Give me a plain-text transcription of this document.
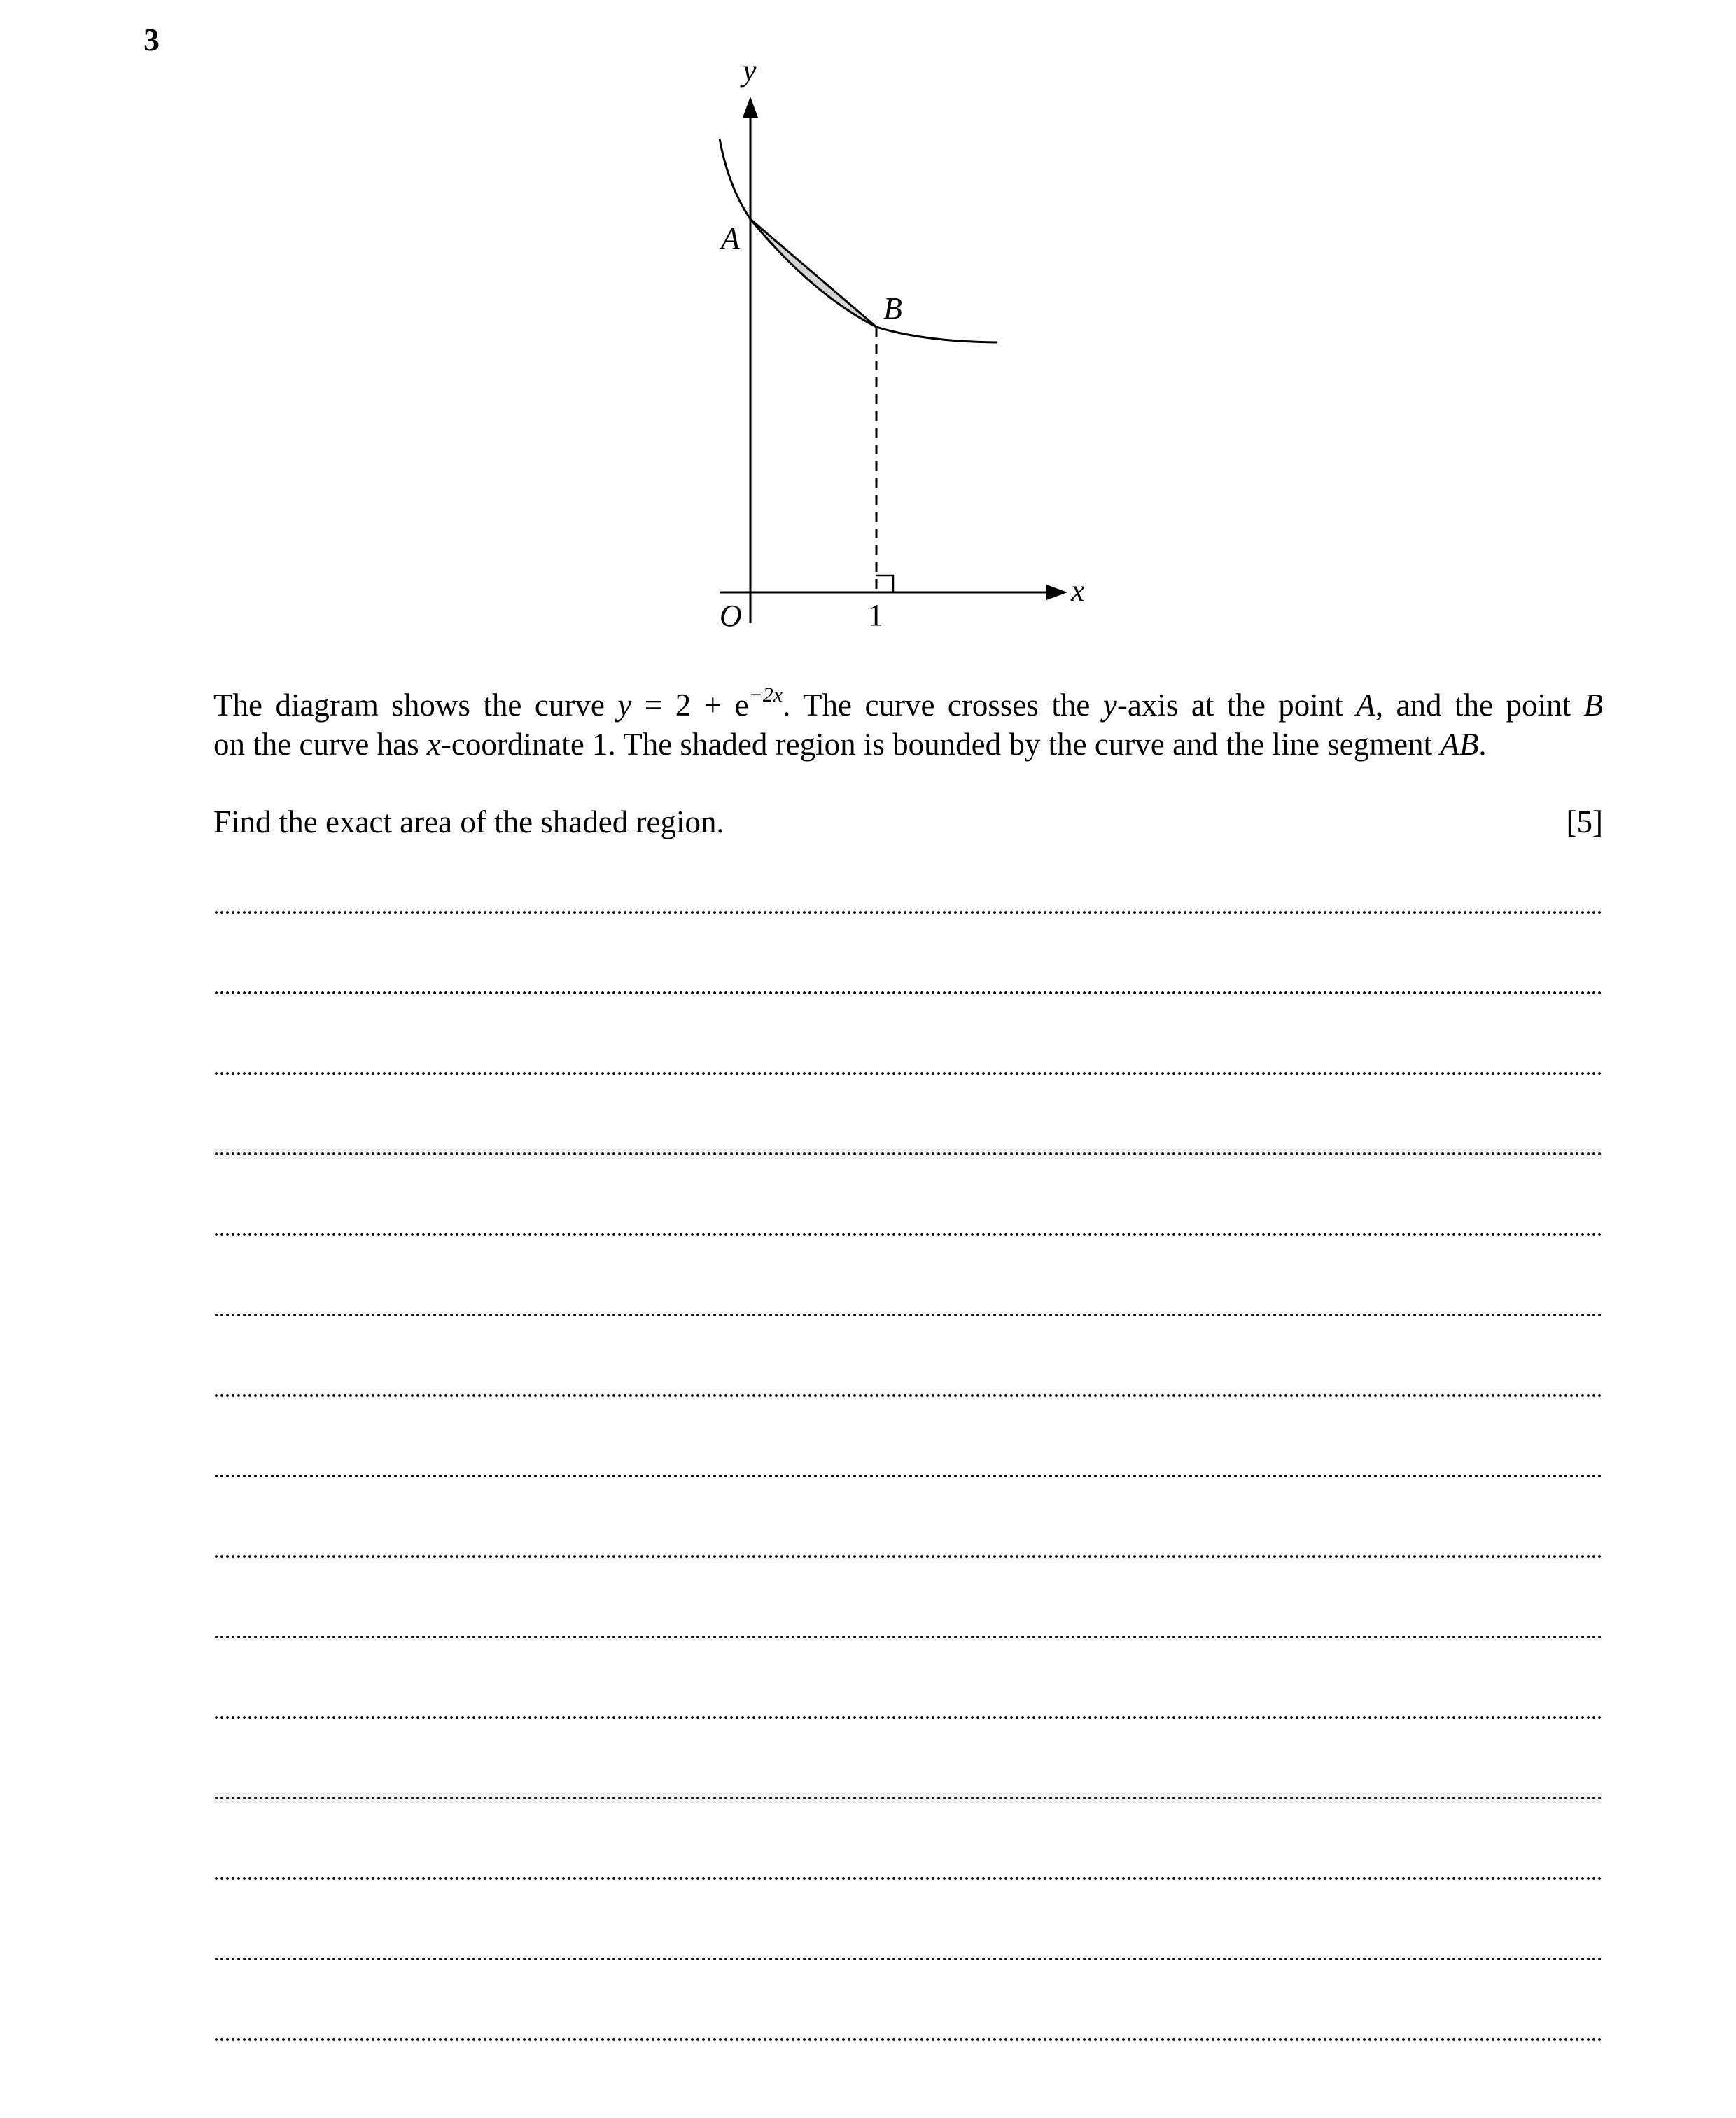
3
y
x
O
A
B
1
The diagram shows the curve $y = 2 + e^{-2x}$. The curve crosses the y-axis at the point A, and the point B
on the curve has x-coordinate 1. The shaded region is bounded by the curve and the line segment AB.
Find the exact area of the shaded region.	[5]
